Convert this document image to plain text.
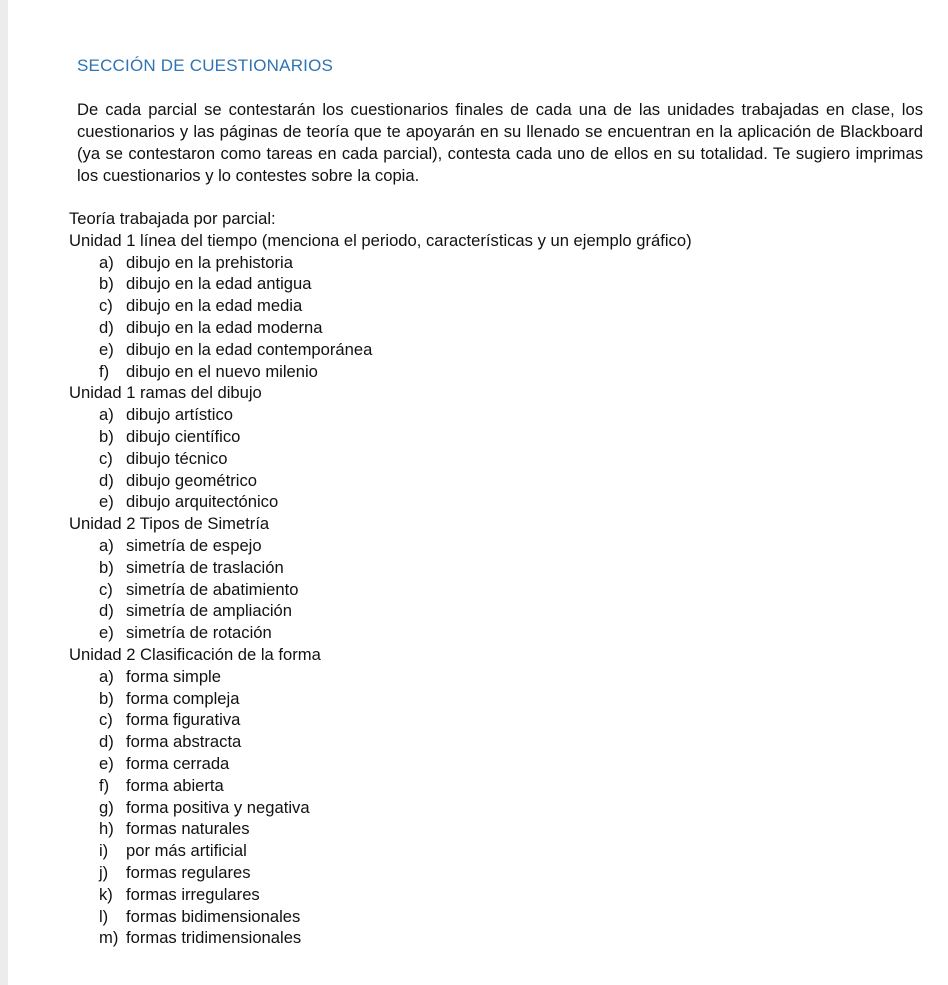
SECCIÓN DE CUESTIONARIOS
De cada parcial se contestarán los cuestionarios finales de cada una de las unidades trabajadas en clase, los cuestionarios y las páginas de teoría que te apoyarán en su llenado se encuentran en la aplicación de Blackboard (ya se contestaron como tareas en cada parcial), contesta cada uno de ellos en su totalidad. Te sugiero imprimas los cuestionarios y lo contestes sobre la copia.
Teoría trabajada por parcial:
Unidad 1 línea del tiempo (menciona el periodo, características y un ejemplo gráfico)
a) dibujo en la prehistoria
b) dibujo en la edad antigua
c) dibujo en la edad media
d) dibujo en la edad moderna
e) dibujo en la edad contemporánea
f)	dibujo en el nuevo milenio
Unidad 1 ramas del dibujo
a) dibujo artístico
b) dibujo científico
c) dibujo técnico
d) dibujo geométrico
e) dibujo arquitectónico
Unidad 2 Tipos de Simetría
a) simetría de espejo
b) simetría de traslación
c) simetría de abatimiento
d) simetría de ampliación
e) simetría de rotación
Unidad 2 Clasificación de la forma
a) forma simple
b) forma compleja
c) forma figurativa
d) forma abstracta
e) forma cerrada
f)	forma abierta
g) forma positiva y negativa
h) formas naturales
i)	por más artificial
j)	formas regulares
k) formas irregulares
l)	formas bidimensionales
m) formas tridimensionales
